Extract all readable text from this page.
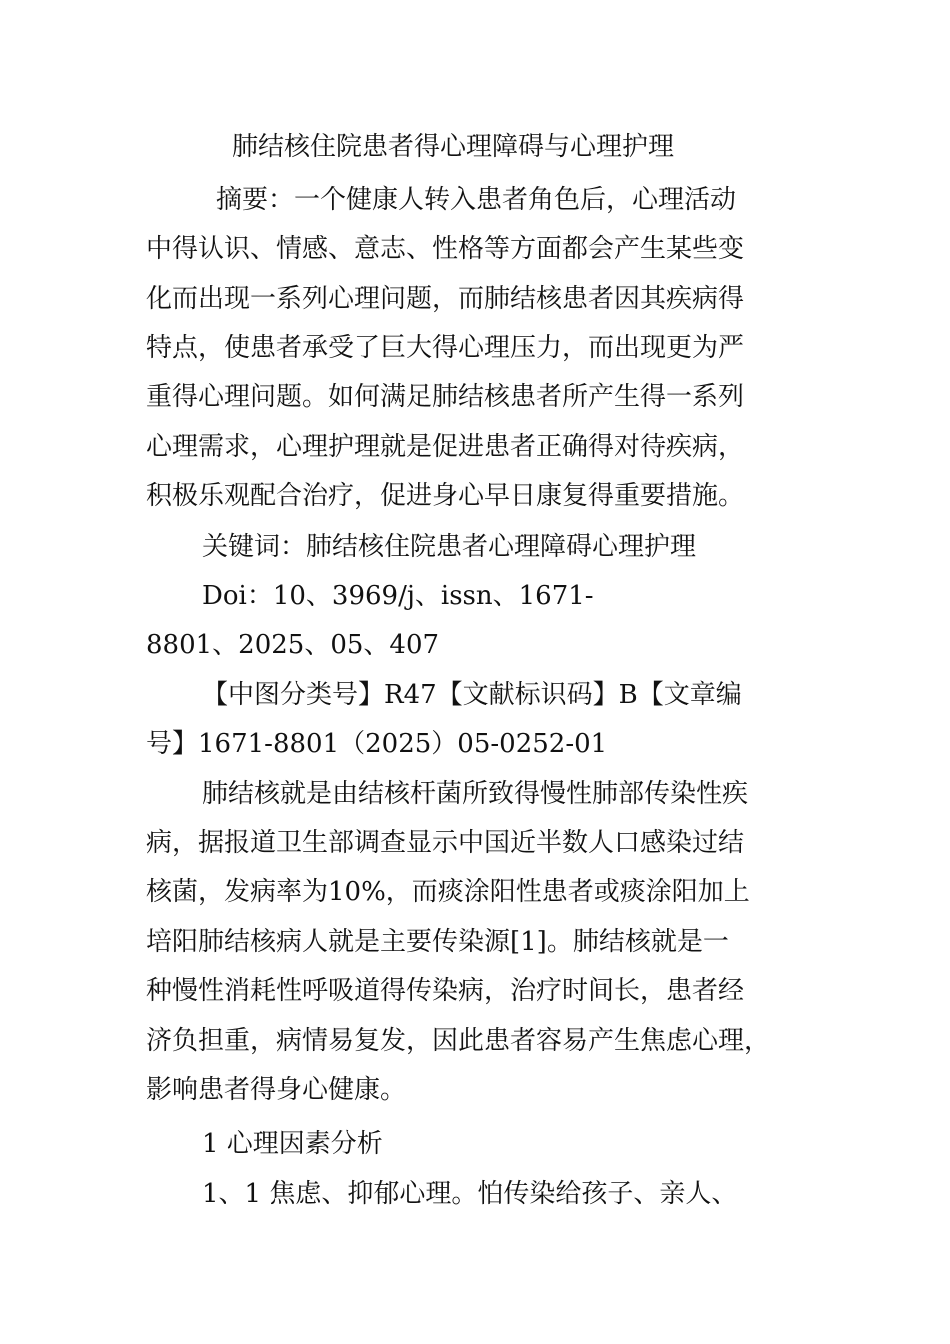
肺结核住院患者得心理障碍与心理护理
摘要：一个健康人转入患者角色后，心理活动
中得认识、情感、意志、性格等方面都会产生某些变
化而出现一系列心理问题，而肺结核患者因其疾病得
特点，使患者承受了巨大得心理压力，而出现更为严
重得心理问题。如何满足肺结核患者所产生得一系列
心理需求，心理护理就是促进患者正确得对待疾病，
积极乐观配合治疗，促进身心早日康复得重要措施。
关键词：肺结核住院患者心理障碍心理护理
Doi：10、3969/j、issn、1671-
8801、2025、05、407
【中图分类号】R47【文献标识码】B【文章编
号】1671-8801（2025）05-0252-01
肺结核就是由结核杆菌所致得慢性肺部传染性疾
病，据报道卫生部调查显示中国近半数人口感染过结
核菌，发病率为10%，而痰涂阳性患者或痰涂阳加上
培阳肺结核病人就是主要传染源[1]。肺结核就是一
种慢性消耗性呼吸道得传染病，治疗时间长，患者经
济负担重，病情易复发，因此患者容易产生焦虑心理，
影响患者得身心健康。
1 心理因素分析
1、1 焦虑、抑郁心理。怕传染给孩子、亲人、
